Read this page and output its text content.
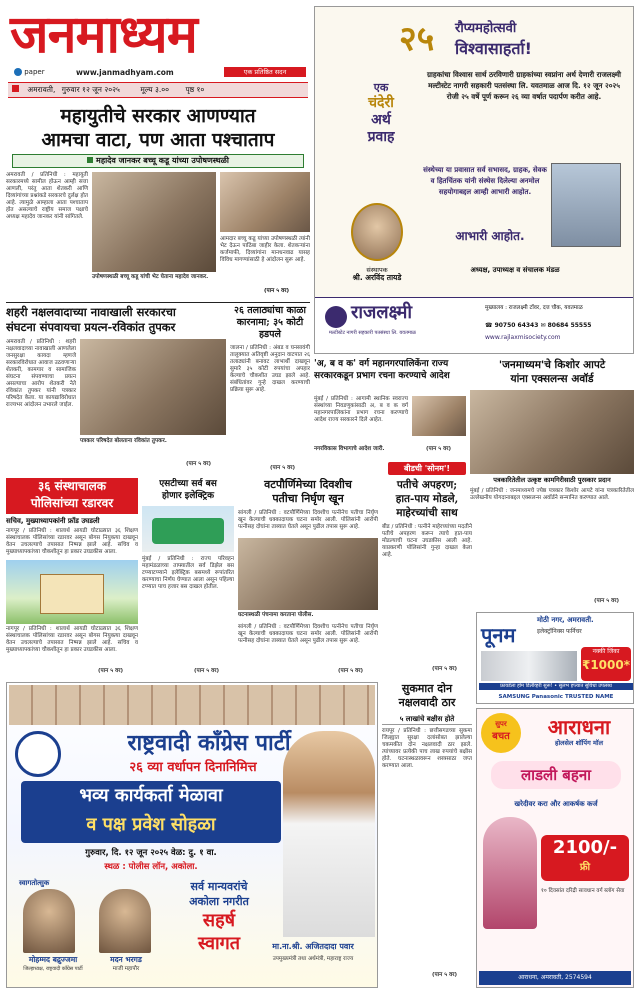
जनमाध्यम
paper	www.janmadhyam.com	एक प्रतिष्ठित सदन
अमरावती, गुरुवार १२ जून २०२५	मूल्य ३.०० पृष्ठ १०
महायुतीचे सरकार आणण्यात
आमचा वाटा, पण आता पश्चाताप
महादेव जानकर बच्चू कडू यांच्या उपोषणस्थळी
अमरावती / प्रतिनिधी : महायुती सरकारमध्ये सामील होऊन आम्ही सत्ता आणली, परंतु आता शेतकरी आणि दिव्यांगांच्या प्रश्नांकडे सरकारचे दुर्लक्ष होत आहे. त्यामुळे आम्हाला आता पश्चाताप होत असल्याचे राष्ट्रीय समाज पक्षाचे अध्यक्ष महादेव जानकर यांनी सांगितले.
उपोषणस्थळी बच्चू कडू यांची भेट घेताना महादेव जानकर.
आमदार बच्चू कडू यांच्या उपोषणस्थळी त्यांनी भेट देऊन पाठिंबा जाहीर केला. शेतकऱ्यांना कर्जमाफी, दिव्यांगांना मानधनवाढ यासह विविध मागण्यांसाठी हे आंदोलन सुरू आहे.
(पान ५ वर)
शहरी नक्षलवादाच्या नावाखाली सरकारचा
संघटना संपवायचा प्रयत्न-रविकांत तुपकर
अमरावती / प्रतिनिधी : शहरी नक्षलवादाच्या नावाखाली आणलेला जनसुरक्षा कायदा म्हणजे सरकारविरोधात आवाज उठवणाऱ्या शेतकरी, कामगार व सामाजिक संघटना संपवण्याचा प्रयत्न असल्याचा आरोप शेतकरी नेते रविकांत तुपकर यांनी पत्रकार परिषदेत केला. या कायद्याविरोधात राज्यभर आंदोलन उभारले जाईल.
पत्रकार परिषदेत बोलताना रविकांत तुपकर.
(पान ५ वर)
२६ तलाठ्यांचा काळा कारनामा; ३५ कोटी हडपले
जालना / प्रतिनिधी : अंबड व घनसावंगी तालुक्यात अतिवृष्टी अनुदान वाटपात २६ तलाठ्यांनी बनावट लाभार्थी दाखवून सुमारे ३५ कोटी रुपयांचा अपहार केल्याचे चौकशीत उघड झाले आहे. संबंधितांवर गुन्हे दाखल करण्याची प्रक्रिया सुरू आहे.
(पान ५ वर)
३६ संस्थाचालक
पोलिसांच्या रडारवर
सचिव, मुख्याध्यापकांनी फ्रॉड उघडली
नागपूर / प्रतिनिधी : शालार्थ आयडी घोटाळ्यात ३६ शिक्षण संस्थाचालक पोलिसांच्या रडारवर असून बोगस नियुक्त्या दाखवून वेतन उचलल्याचे तपासात निष्पन्न झाले आहे. सचिव व मुख्याध्यापकांच्या चौकशीतून हा प्रकार उघडकीस आला.
नागपूर / प्रतिनिधी : शालार्थ आयडी घोटाळ्यात ३६ शिक्षण संस्थाचालक पोलिसांच्या रडारवर असून बोगस नियुक्त्या दाखवून वेतन उचलल्याचे तपासात निष्पन्न झाले आहे. सचिव व मुख्याध्यापकांच्या चौकशीतून हा प्रकार उघडकीस आला.
(पान ५ वर)
एसटीच्या सर्व बस
होणार इलेक्ट्रिक
मुंबई / प्रतिनिधी : राज्य परिवहन महामंडळाच्या ताफ्यातील सर्व डिझेल बस टप्प्याटप्प्याने इलेक्ट्रिक बसमध्ये रूपांतरित करण्याचा निर्णय घेण्यात आला असून पहिल्या टप्प्यात पाच हजार बस दाखल होतील.
(पान ५ वर)
वटपौर्णिमेच्या दिवशीच
पतीचा निर्घृण खून
सांगली / प्रतिनिधी : वटपौर्णिमेच्या दिवशीच पत्नीनेच पतीचा निर्घृण खून केल्याची धक्कादायक घटना समोर आली. पोलिसांनी आरोपी पत्नीसह दोघांना ताब्यात घेतले असून पुढील तपास सुरू आहे.
घटनास्थळी पंचनामा करताना पोलीस.
सांगली / प्रतिनिधी : वटपौर्णिमेच्या दिवशीच पत्नीनेच पतीचा निर्घृण खून केल्याची धक्कादायक घटना समोर आली. पोलिसांनी आरोपी पत्नीसह दोघांना ताब्यात घेतले असून पुढील तपास सुरू आहे.
(पान ५ वर)
बीडची 'सोनम'!
पतीचे अपहरण;
हात-पाय मोडले,
माहेरच्यांची साथ
बीड / प्रतिनिधी : पत्नीने माहेरच्यांच्या मदतीने पतीचे अपहरण करून त्याचे हात-पाय मोडल्याची घटना उघडकीस आली आहे. याप्रकरणी पोलिसांनी गुन्हा दाखल केला आहे.
(पान ५ वर)
२५ रौप्यमहोत्सवी
विश्वासाहर्ता!
एक
चंदेरी
अर्थ
प्रवाह
ग्राहकांचा विश्वास सार्थ ठरविणारी ग्राहकांच्या स्वप्नांना अर्थ देणारी राजलक्ष्मी मल्टीस्टेट नागरी सहकारी पतसंस्था लि. यवतमाळ आज दि. १२ जून २०२५ रोजी २५ वर्षे पूर्ण करून २६ व्या वर्षात पदार्पण करीत आहे.
संस्थेच्या या प्रवासात सर्व सभासद, ग्राहक, सेवक व हितचिंतक यांनी संस्थेस दिलेल्या अनमोल सहयोगाबद्दल आम्ही आभारी आहोत.
आभारी आहोत.
संस्थापक
श्री. अरविंद तायडे
अध्यक्ष, उपाध्यक्ष व संचालक मंडळ
राजलक्ष्मी
मल्टीस्टेट नागरी सहकारी पतसंस्था लि. यवतमाळ
मुख्यालय : राजलक्ष्मी टॉवर, दत्त चौक, यवतमाळ
☎ 90750 64343 ✉ 80684 55555
www.rajlaxmisociety.com
'अ, ब व क' वर्ग महानगरपालिकेंना राज्य सरकारकडून प्रभाग रचना करण्याचे आदेश
मुंबई / प्रतिनिधी : आगामी स्थानिक स्वराज्य संस्थांच्या निवडणुकांसाठी अ, ब व क वर्ग महानगरपालिकांना प्रभाग रचना करण्याचे आदेश राज्य सरकारने दिले आहेत.
नगरविकास विभागाचे आदेश जारी.	(पान ५ वर)
'जनमाध्यम'चे किशोर आपटे
यांना एक्सलन्स अवॉर्ड
पत्रकारितेतील उत्कृष्ट कामगिरीसाठी पुरस्कार प्रदान
मुंबई / प्रतिनिधी : जनमाध्यमचे ज्येष्ठ पत्रकार किशोर आपटे यांना पत्रकारितेतील उल्लेखनीय योगदानाबद्दल एक्सलन्स अवॉर्डने सन्मानित करण्यात आले.
(पान ५ वर)
मोठी नगर, अमरावती.
पूनम	इलेक्ट्रॉनिक्स फर्निचर
नक्की जिंका
₹1000*
फ्रायडेला होम डिलीव्हरी सुरू! • सुलभ हप्त्यात सुविधा उपलब्ध
SAMSUNG Panasonic TRUSTED NAME
सुकमात दोन
नक्षलवादी ठार
५ लाखांचे बक्षीस होते
रायपूर / प्रतिनिधी : छत्तीसगडच्या सुकमा जिल्ह्यात सुरक्षा दलांसोबत झालेल्या चकमकीत दोन नक्षलवादी ठार झाले. त्यांच्यावर प्रत्येकी पाच लाख रुपयांचे बक्षीस होते. घटनास्थळावरून शस्त्रसाठा जप्त करण्यात आला.
(पान ५ वर)
सुपर
बचत	आराधना
होलसेल शॉपिंग मॉल
लाडली बहना
खरेदीवर करा और आकर्षक कर्ज
2100/-
फ्री
१० दिवसांत दरिद्री सावधान वर्ग ब्लॉग सेवा
आराधना, अमरावती, 2574594
राष्ट्रवादी काँग्रेस पार्टी
२६ व्या वर्धापन दिनानिमित्त
भव्य कार्यकर्ता मेळावा
व पक्ष प्रवेश सोहळा
गुरुवार, दि. १२ जून २०२५ वेळ: दु. १ वा.
स्थळ : पोलीस लॉन, अकोला.
स्वागतोत्सुक
मोहम्मद बद्रुज्जमा
जिल्हाध्यक्ष, राष्ट्रवादी काँग्रेस पार्टी
मदन भरगड
माजी महापौर
सर्व मान्यवरांचे
अकोला नगरीत
सहर्ष
स्वागत	मा.ना.श्री. अजितदादा पवार
उपमुख्यमंत्री तथा अर्थमंत्री, महाराष्ट्र राज्य
